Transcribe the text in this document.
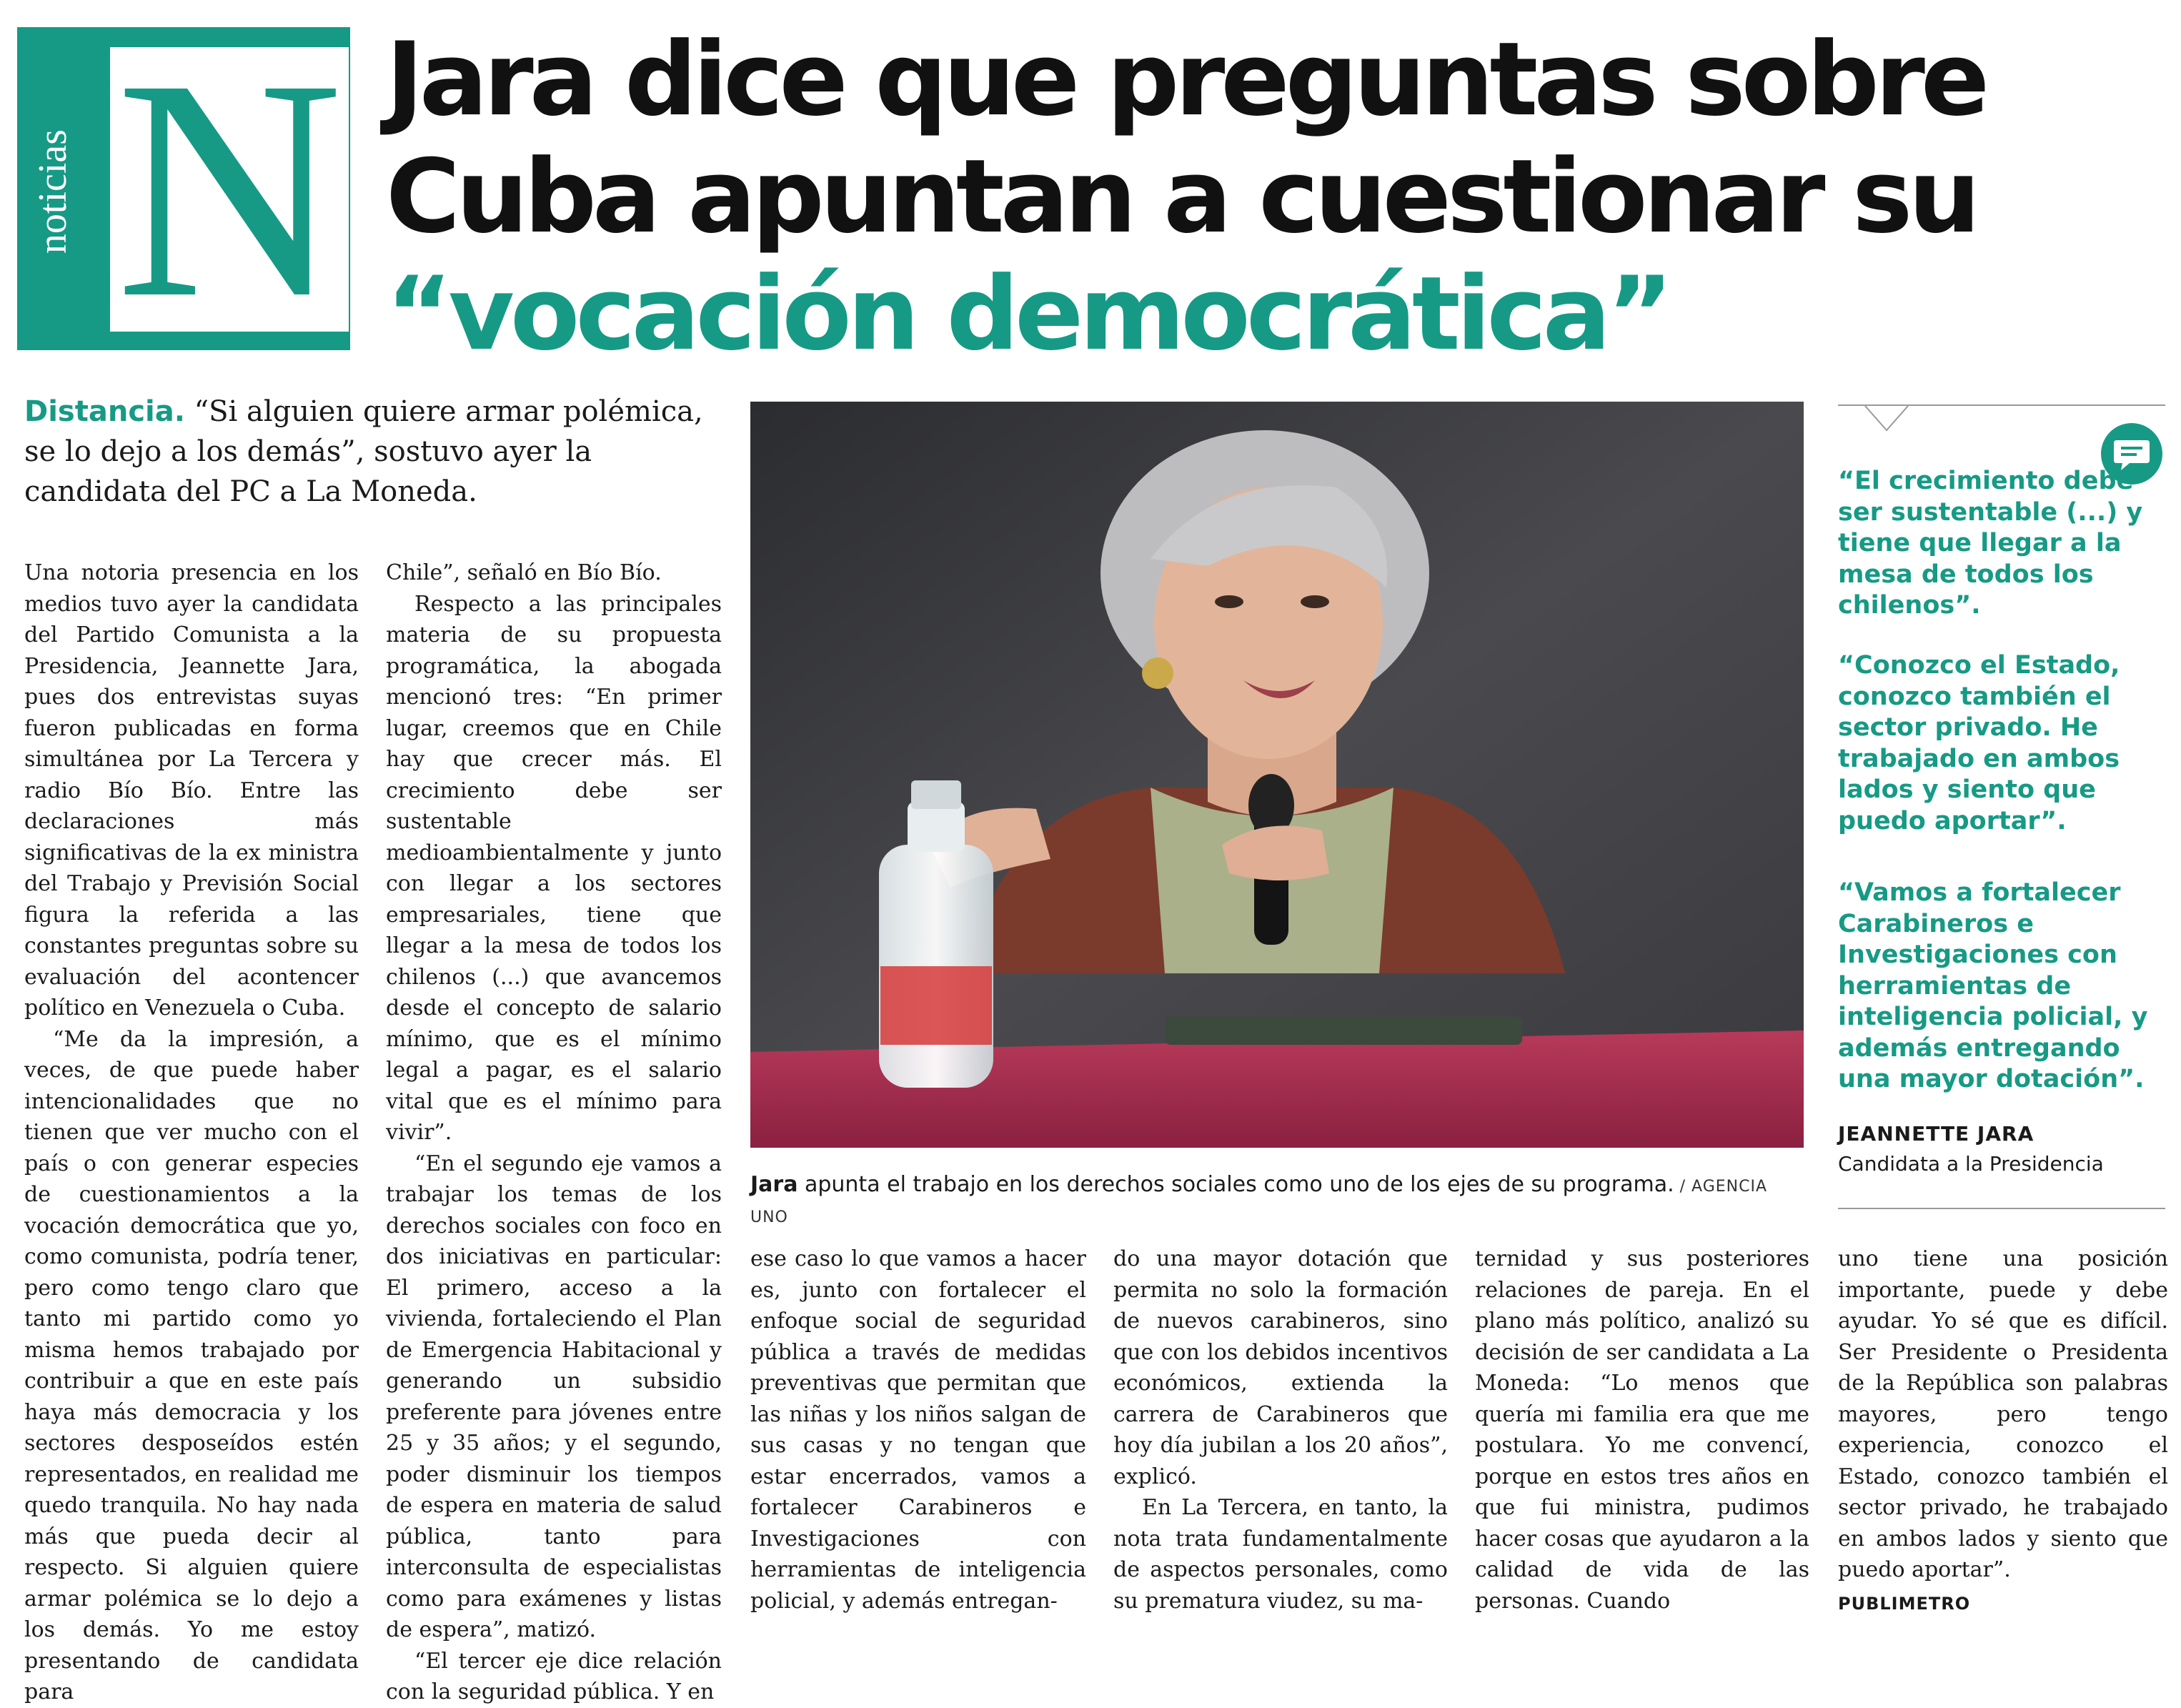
noticias N Jara dice que preguntas sobre
Cuba apuntan a cuestionar su
“vocación democrática”
Distancia. “Si alguien quiere armar polémica, se lo dejo a los demás”, sostuvo ayer la candidata del PC a La Moneda.

Una notoria presencia en los medios tuvo ayer la candidata del Partido Comunista a la Presidencia, Jeannette Jara, pues dos entrevistas suyas fueron publicadas en forma simultánea por La Tercera y radio Bío Bío. Entre las declaraciones más significativas de la ex ministra del Trabajo y Previsión Social figura la referida a las constantes preguntas sobre su evaluación del acontencer político en Venezuela o Cuba.

“Me da la impresión, a veces, de que puede haber intencionalidades que no tienen que ver mucho con el país o con generar especies de cuestionamientos a la vocación democrática que yo, como comunista, podría tener, pero como tengo claro que tanto mi partido como yo misma hemos trabajado por contribuir a que en este país haya más democracia y los sectores desposeídos estén representados, en realidad me quedo tranquila. No hay nada más que pueda decir al respecto. Si alguien quiere armar polémica se lo dejo a los demás. Yo me estoy presentando de candidata para

Chile”, señaló en Bío Bío.

Respecto a las principales materia de su propuesta programática, la abogada mencionó tres: “En primer lugar, creemos que en Chile hay que crecer más. El crecimiento debe ser sustentable medioambientalmente y junto con llegar a los sectores empresariales, tiene que llegar a la mesa de todos los chilenos (...) que avancemos desde el concepto de salario mínimo, que es el mínimo legal a pagar, es el salario vital que es el mínimo para vivir”.

“En el segundo eje vamos a trabajar los temas de los derechos sociales con foco en dos iniciativas en particular: El primero, acceso a la vivienda, fortaleciendo el Plan de Emergencia Habitacional y generando un subsidio preferente para jóvenes entre 25 y 35 años; y el segundo, poder disminuir los tiempos de espera en materia de salud pública, tanto para interconsulta de especialistas como para exámenes y listas de espera”, matizó.

“El tercer eje dice relación con la seguridad pública. Y en

Jara apunta el trabajo en los derechos sociales como uno de los ejes de su programa. / AGENCIA UNO

ese caso lo que vamos a hacer es, junto con fortalecer el enfoque social de seguridad pública a través de medidas preventivas que permitan que las niñas y los niños salgan de sus casas y no tengan que estar encerrados, vamos a fortalecer Carabineros e Investigaciones con herramientas de inteligencia policial, y además entregan-

do una mayor dotación que permita no solo la formación de nuevos carabineros, sino que con los debidos incentivos económicos, extienda la carrera de Carabineros que hoy día jubilan a los 20 años”, explicó.

En La Tercera, en tanto, la nota trata fundamentalmente de aspectos personales, como su prematura viudez, su ma-

ternidad y sus posteriores relaciones de pareja. En el plano más político, analizó su decisión de ser candidata a La Moneda: “Lo menos que quería mi familia era que me postulara. Yo me convencí, porque en estos tres años en que fui ministra, pudimos hacer cosas que ayudaron a la calidad de vida de las personas. Cuando

uno tiene una posición importante, puede y debe ayudar. Yo sé que es difícil. Ser Presidente o Presidenta de la República son palabras mayores, pero tengo experiencia, conozco el Estado, conozco también el sector privado, he trabajado en ambos lados y siento que puedo aportar”.

PUBLIMETRO

“El crecimiento debe ser sustentable (...) y tiene que llegar a la mesa de todos los chilenos”.

“Conozco el Estado, conozco también el sector privado. He trabajado en ambos lados y siento que puedo aportar”.

“Vamos a fortalecer Carabineros e Investigaciones con herramientas de inteligencia policial, y además entregando una mayor dotación”.

JEANNETTE JARA
Candidata a la Presidencia
